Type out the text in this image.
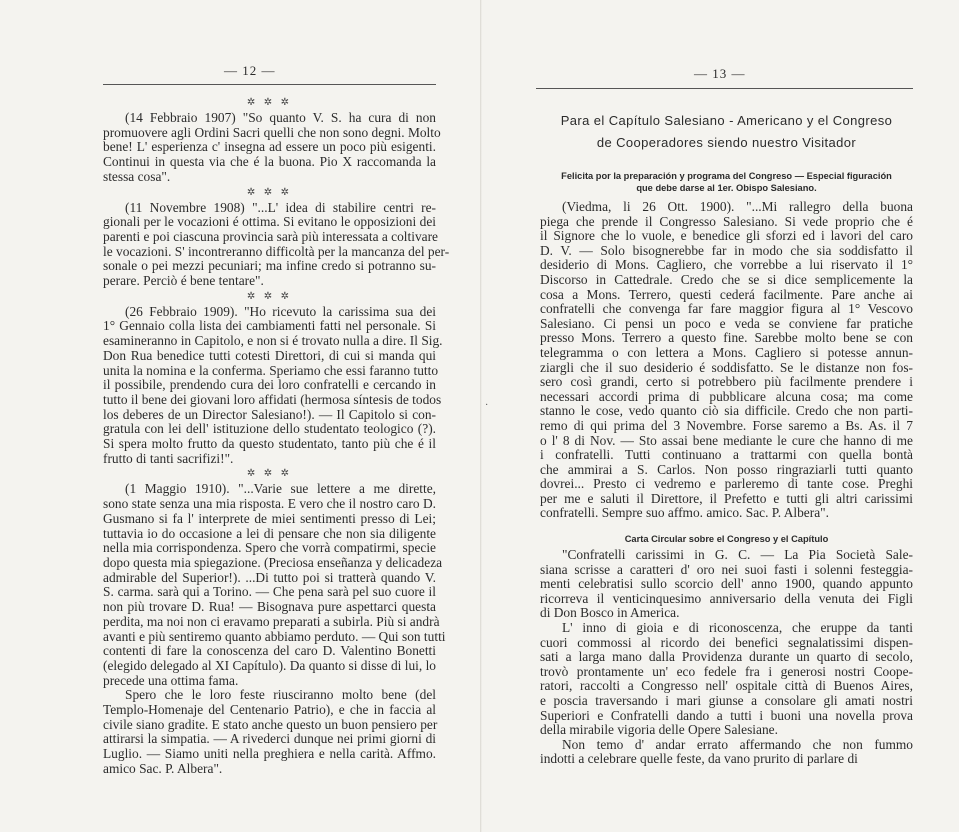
— 12 —
✲ ✲ ✲
(14 Febbraio 1907) "So quanto V. S. ha cura di non
promuovere agli Ordini Sacri quelli che non sono degni. Molto
bene! L' esperienza c' insegna ad essere un poco più esigenti.
Continui in questa via che é la buona. Pio X raccomanda la
stessa cosa".
✲ ✲ ✲
(11 Novembre 1908) "...L' idea di stabilire centri re-
gionali per le vocazioni é ottima. Si evitano le opposizioni dei
parenti e poi ciascuna provincia sarà più interessata a coltivare
le vocazioni. S' incontreranno difficoltà per la mancanza del per-
sonale o pei mezzi pecuniari; ma infine credo si potranno su-
perare. Perciò é bene tentare".
✲ ✲ ✲
(26 Febbraio 1909). "Ho ricevuto la carissima sua dei
1° Gennaio colla lista dei cambiamenti fatti nel personale. Si
esamineranno in Capitolo, e non si é trovato nulla a dire. Il Sig.
Don Rua benedice tutti cotesti Direttori, di cui si manda qui
unita la nomina e la conferma. Speriamo che essi faranno tutto
il possibile, prendendo cura dei loro confratelli e cercando in
tutto il bene dei giovani loro affidati (hermosa síntesis de todos
los deberes de un Director Salesiano!). — Il Capitolo si con-
gratula con lei dell' istituzione dello studentato teologico (?).
Si spera molto frutto da questo studentato, tanto più che é il
frutto di tanti sacrifizi!".
✲ ✲ ✲
(1 Maggio 1910). "...Varie sue lettere a me dirette,
sono state senza una mia risposta. E vero che il nostro caro D.
Gusmano si fa l' interprete de miei sentimenti presso di Lei;
tuttavia io do occasione a lei di pensare che non sia diligente
nella mia corrispondenza. Spero che vorrà compatirmi, specie
dopo questa mia spiegazione. (Preciosa enseñanza y delicadeza
admirable del Superior!). ...Di tutto poi si tratterà quando V.
S. carma. sarà qui a Torino. — Che pena sarà pel suo cuore il
non più trovare D. Rua! — Bisognava pure aspettarci questa
perdita, ma noi non ci eravamo preparati a subirla. Più si andrà
avanti e più sentiremo quanto abbiamo perduto. — Qui son tutti
contenti di fare la conoscenza del caro D. Valentino Bonetti
(elegido delegado al XI Capítulo). Da quanto si disse di lui, lo
precede una ottima fama.
Spero che le loro feste riusciranno molto bene (del
Templo-Homenaje del Centenario Patrio), e che in faccia al
civile siano gradite. E stato anche questo un buon pensiero per
attirarsi la simpatia. — A rivederci dunque nei primi giorni di
Luglio. — Siamo uniti nella preghiera e nella carità. Affmo.
amico Sac. P. Albera".
— 13 —
Para el Capítulo Salesiano - Americano y el Congreso
de Cooperadores siendo nuestro Visitador
Felicita por la preparación y programa del Congreso — Especial figuración
que debe darse al 1er. Obispo Salesiano.
(Viedma, li 26 Ott. 1900). "...Mi rallegro della buona
piega che prende il Congresso Salesiano. Si vede proprio che é
il Signore che lo vuole, e benedice gli sforzi ed i lavori del caro
D. V. — Solo bisognerebbe far in modo che sia soddisfatto il
desiderio di Mons. Cagliero, che vorrebbe a lui riservato il 1°
Discorso in Cattedrale. Credo che se si dice semplicemente la
cosa a Mons. Terrero, questi cederá facilmente. Pare anche ai
confratelli che convenga far fare maggior figura al 1° Vescovo
Salesiano. Ci pensi un poco e veda se conviene far pratiche
presso Mons. Terrero a questo fine. Sarebbe molto bene se con
telegramma o con lettera a Mons. Cagliero si potesse annun-
ziargli che il suo desiderio é soddisfatto. Se le distanze non fos-
sero così grandi, certo si potrebbero più facilmente prendere i
necessari accordi prima di pubblicare alcuna cosa; ma come
stanno le cose, vedo quanto ciò sia difficile. Credo che non parti-
remo di qui prima del 3 Novembre. Forse saremo a Bs. As. il 7
o l' 8 di Nov. — Sto assai bene mediante le cure che hanno di me
i confratelli. Tutti continuano a trattarmi con quella bontà
che ammirai a S. Carlos. Non posso ringraziarli tutti quanto
dovrei... Presto ci vedremo e parleremo di tante cose. Preghi
per me e saluti il Direttore, il Prefetto e tutti gli altri carissimi
confratelli. Sempre suo affmo. amico. Sac. P. Albera".
Carta Circular sobre el Congreso y el Capítulo
"Confratelli carissimi in G. C. — La Pia Società Sale-
siana scrisse a caratteri d' oro nei suoi fasti i solenni festeggia-
menti celebratisi sullo scorcio dell' anno 1900, quando appunto
ricorreva il venticinquesimo anniversario della venuta dei Figli
di Don Bosco in America.
L' inno di gioia e di riconoscenza, che eruppe da tanti
cuori commossi al ricordo dei benefici segnalatissimi dispen-
sati a larga mano dalla Providenza durante un quarto di secolo,
trovò prontamente un' eco fedele fra i generosi nostri Coope-
ratori, raccolti a Congresso nell' ospitale città di Buenos Aires,
e poscia traversando i mari giunse a consolare gli amati nostri
Superiori e Confratelli dando a tutti i buoni una novella prova
della mirabile vigoria delle Opere Salesiane.
Non temo d' andar errato affermando che non fummo
indotti a celebrare quelle feste, da vano prurito di parlare di
·
